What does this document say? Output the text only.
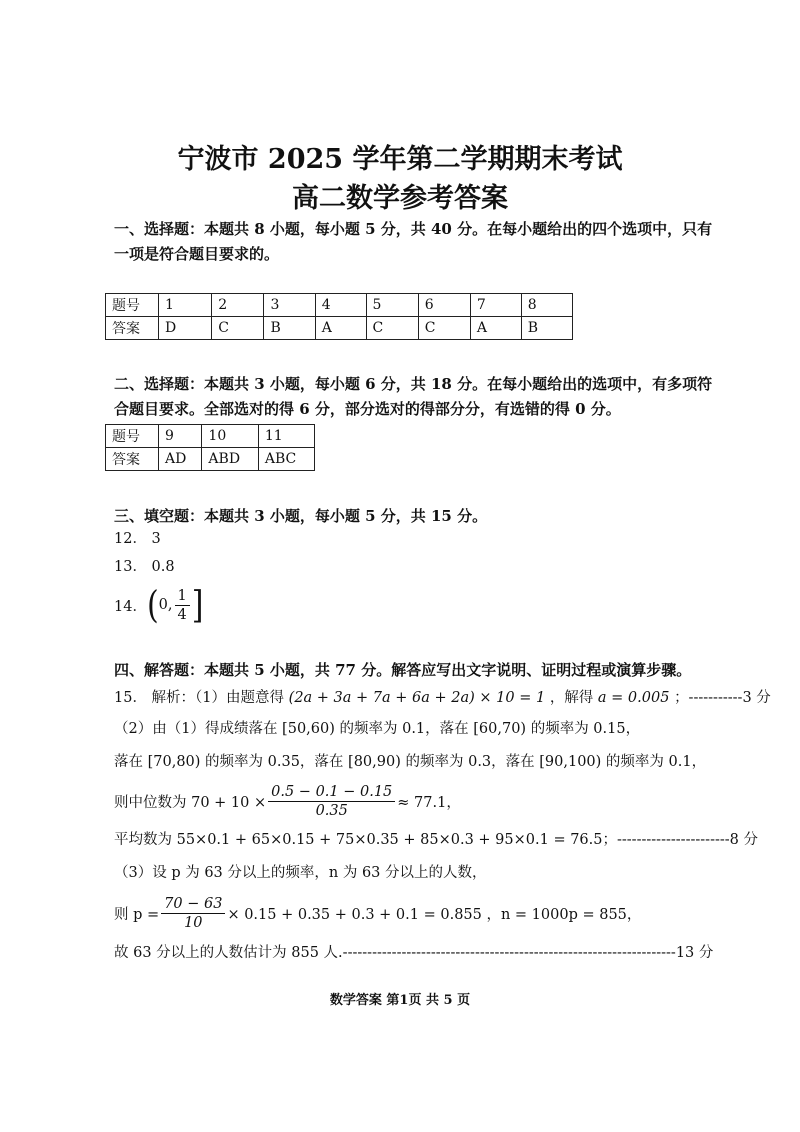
宁波市 2025 学年第二学期期末考试
高二数学参考答案
一、选择题：本题共 8 小题，每小题 5 分，共 40 分。在每小题给出的四个选项中，只有
一项是符合题目要求的。
题号	1	2	3	4	5	6	7	8
答案	D	C	B	A	C	C	A	B
二、选择题：本题共 3 小题，每小题 6 分，共 18 分。在每小题给出的选项中，有多项符
合题目要求。全部选对的得 6 分，部分选对的得部分分，有选错的得 0 分。
题号	9	10	11
答案	AD	ABD	ABC
三、填空题：本题共 3 小题，每小题 5 分，共 15 分。
12． 3
13． 0.8
14． ( 0, $\frac{1}{4}$ ]
四、解答题：本题共 5 小题，共 77 分。解答应写出文字说明、证明过程或演算步骤。
15． 解析：（1）由题意得 (2a + 3a + 7a + 6a + 2a) × 10 = 1 ，解得 a = 0.005 ；-----------3 分
（2）由（1）得成绩落在 [50,60) 的频率为 0.1，落在 [60,70) 的频率为 0.15，
落在 [70,80) 的频率为 0.35，落在 [80,90) 的频率为 0.3，落在 [90,100) 的频率为 0.1，
则中位数为 $70 + 10 \times \frac{0.5 - 0.1 - 0.15}{0.35} \approx 77.1$，
平均数为 55×0.1 + 65×0.15 + 75×0.35 + 85×0.3 + 95×0.1 = 76.5；-----------------------8 分
（3）设 p 为 63 分以上的频率，n 为 63 分以上的人数，
则 $p = \frac{70 - 63}{10} \times 0.15 + 0.35 + 0.3 + 0.1 = 0.855$ ，n = 1000p = 855，
故 63 分以上的人数估计为 855 人.--------------------------------------------------------------------13 分
数学答案 第1页 共 5 页
